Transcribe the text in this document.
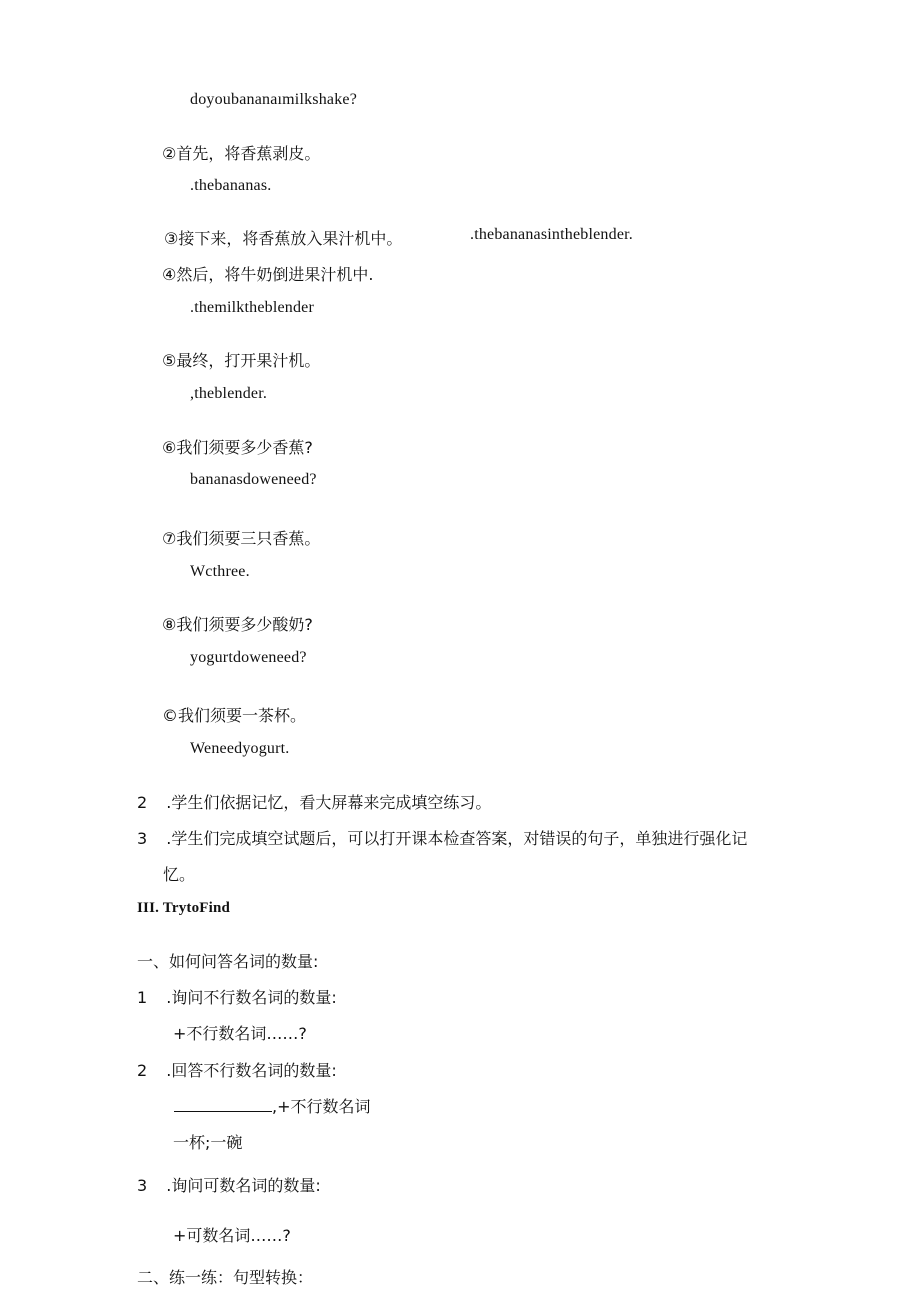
doyoubananaımilkshake?
②首先，将香蕉剥皮。
.thebananas.
③接下来，将香蕉放入果汁机中。	.thebananasintheblender.
④然后，将牛奶倒进果汁机中.
.themilktheblender
⑤最终，打开果汁机。
,theblender.
⑥我们须要多少香蕉?
bananasdoweneed?
⑦我们须要三只香蕉。
Wcthree.
⑧我们须要多少酸奶?
yogurtdoweneed?
©我们须要一茶杯。
Weneedyogurt.
2 .学生们依据记忆，看大屏幕来完成填空练习。
3 .学生们完成填空试题后，可以打开课本检查答案，对错误的句子，单独进行强化记
忆。
III. TrytoFind
一、如何问答名词的数量:
1 .询问不行数名词的数量:
+不行数名词……?
2 .回答不行数名词的数量:
,+不行数名词
一杯;一碗
3 .询问可数名词的数量:
+可数名词……?
二、练一练：句型转换：
